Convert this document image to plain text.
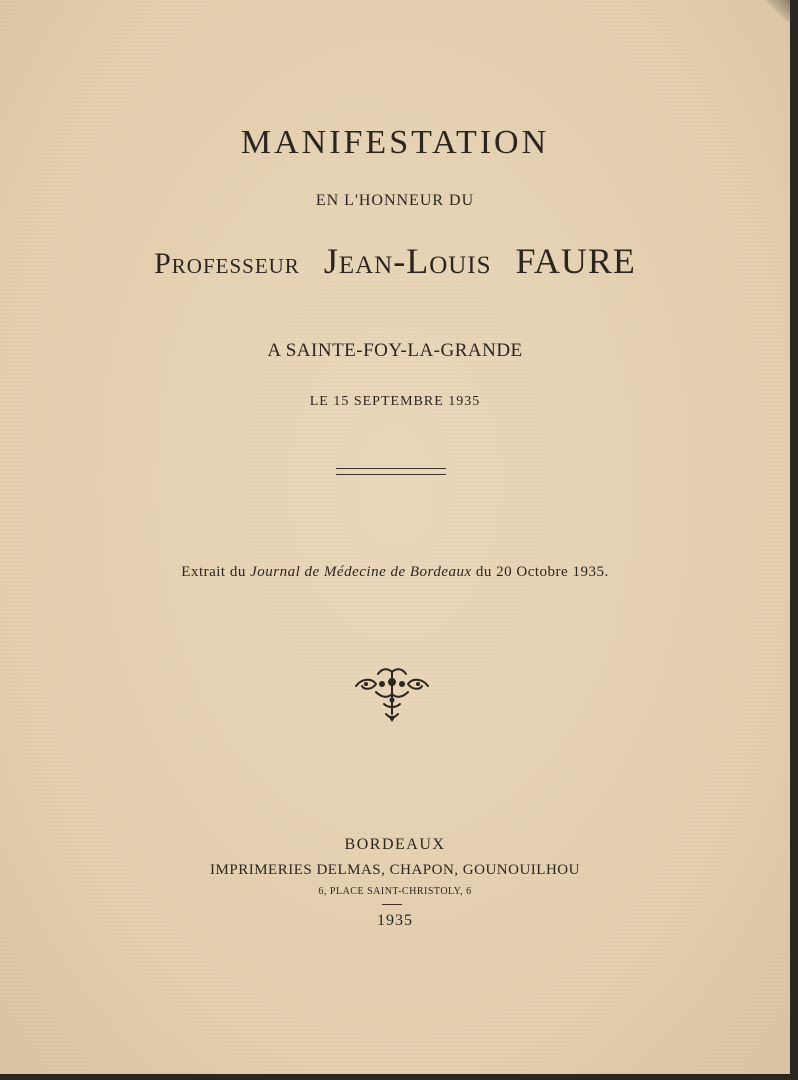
MANIFESTATION
EN L'HONNEUR DU
Professeur Jean-Louis FAURE
A SAINTE-FOY-LA-GRANDE
LE 15 SEPTEMBRE 1935
Extrait du Journal de Médecine de Bordeaux du 20 Octobre 1935.
BORDEAUX
IMPRIMERIES DELMAS, CHAPON, GOUNOUILHOU
6, PLACE SAINT-CHRISTOLY, 6
1935
